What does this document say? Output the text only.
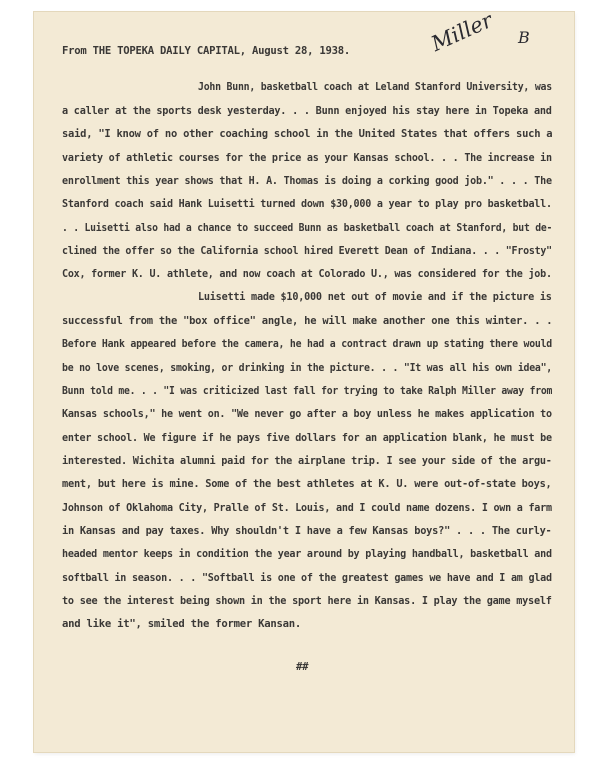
From THE TOPEKA DAILY CAPITAL, August 28, 1938.	Miller B
John Bunn, basketball coach at Leland Stanford University, was
a caller at the sports desk yesterday. . . Bunn enjoyed his stay here in Topeka and
said, "I know of no other coaching school in the United States that offers such a
variety of athletic courses for the price as your Kansas school. . . The increase in
enrollment this year shows that H. A. Thomas is doing a corking good job." . . . The
Stanford coach said Hank Luisetti turned down $30,000 a year to play pro basketball.
. . Luisetti also had a chance to succeed Bunn as basketball coach at Stanford, but de-
clined the offer so the California school hired Everett Dean of Indiana. . . "Frosty"
Cox, former K. U. athlete, and now coach at Colorado U., was considered for the job.
Luisetti made $10,000 net out of movie and if the picture is
successful from the "box office" angle, he will make another one this winter. . .
Before Hank appeared before the camera, he had a contract drawn up stating there would
be no love scenes, smoking, or drinking in the picture. . . "It was all his own idea",
Bunn told me. . . "I was criticized last fall for trying to take Ralph Miller away from
Kansas schools," he went on. "We never go after a boy unless he makes application to
enter school. We figure if he pays five dollars for an application blank, he must be
interested. Wichita alumni paid for the airplane trip. I see your side of the argu-
ment, but here is mine. Some of the best athletes at K. U. were out-of-state boys,
Johnson of Oklahoma City, Pralle of St. Louis, and I could name dozens. I own a farm
in Kansas and pay taxes. Why shouldn't I have a few Kansas boys?" . . . The curly-
headed mentor keeps in condition the year around by playing handball, basketball and
softball in season. . . "Softball is one of the greatest games we have and I am glad
to see the interest being shown in the sport here in Kansas. I play the game myself
and like it", smiled the former Kansan.
##
